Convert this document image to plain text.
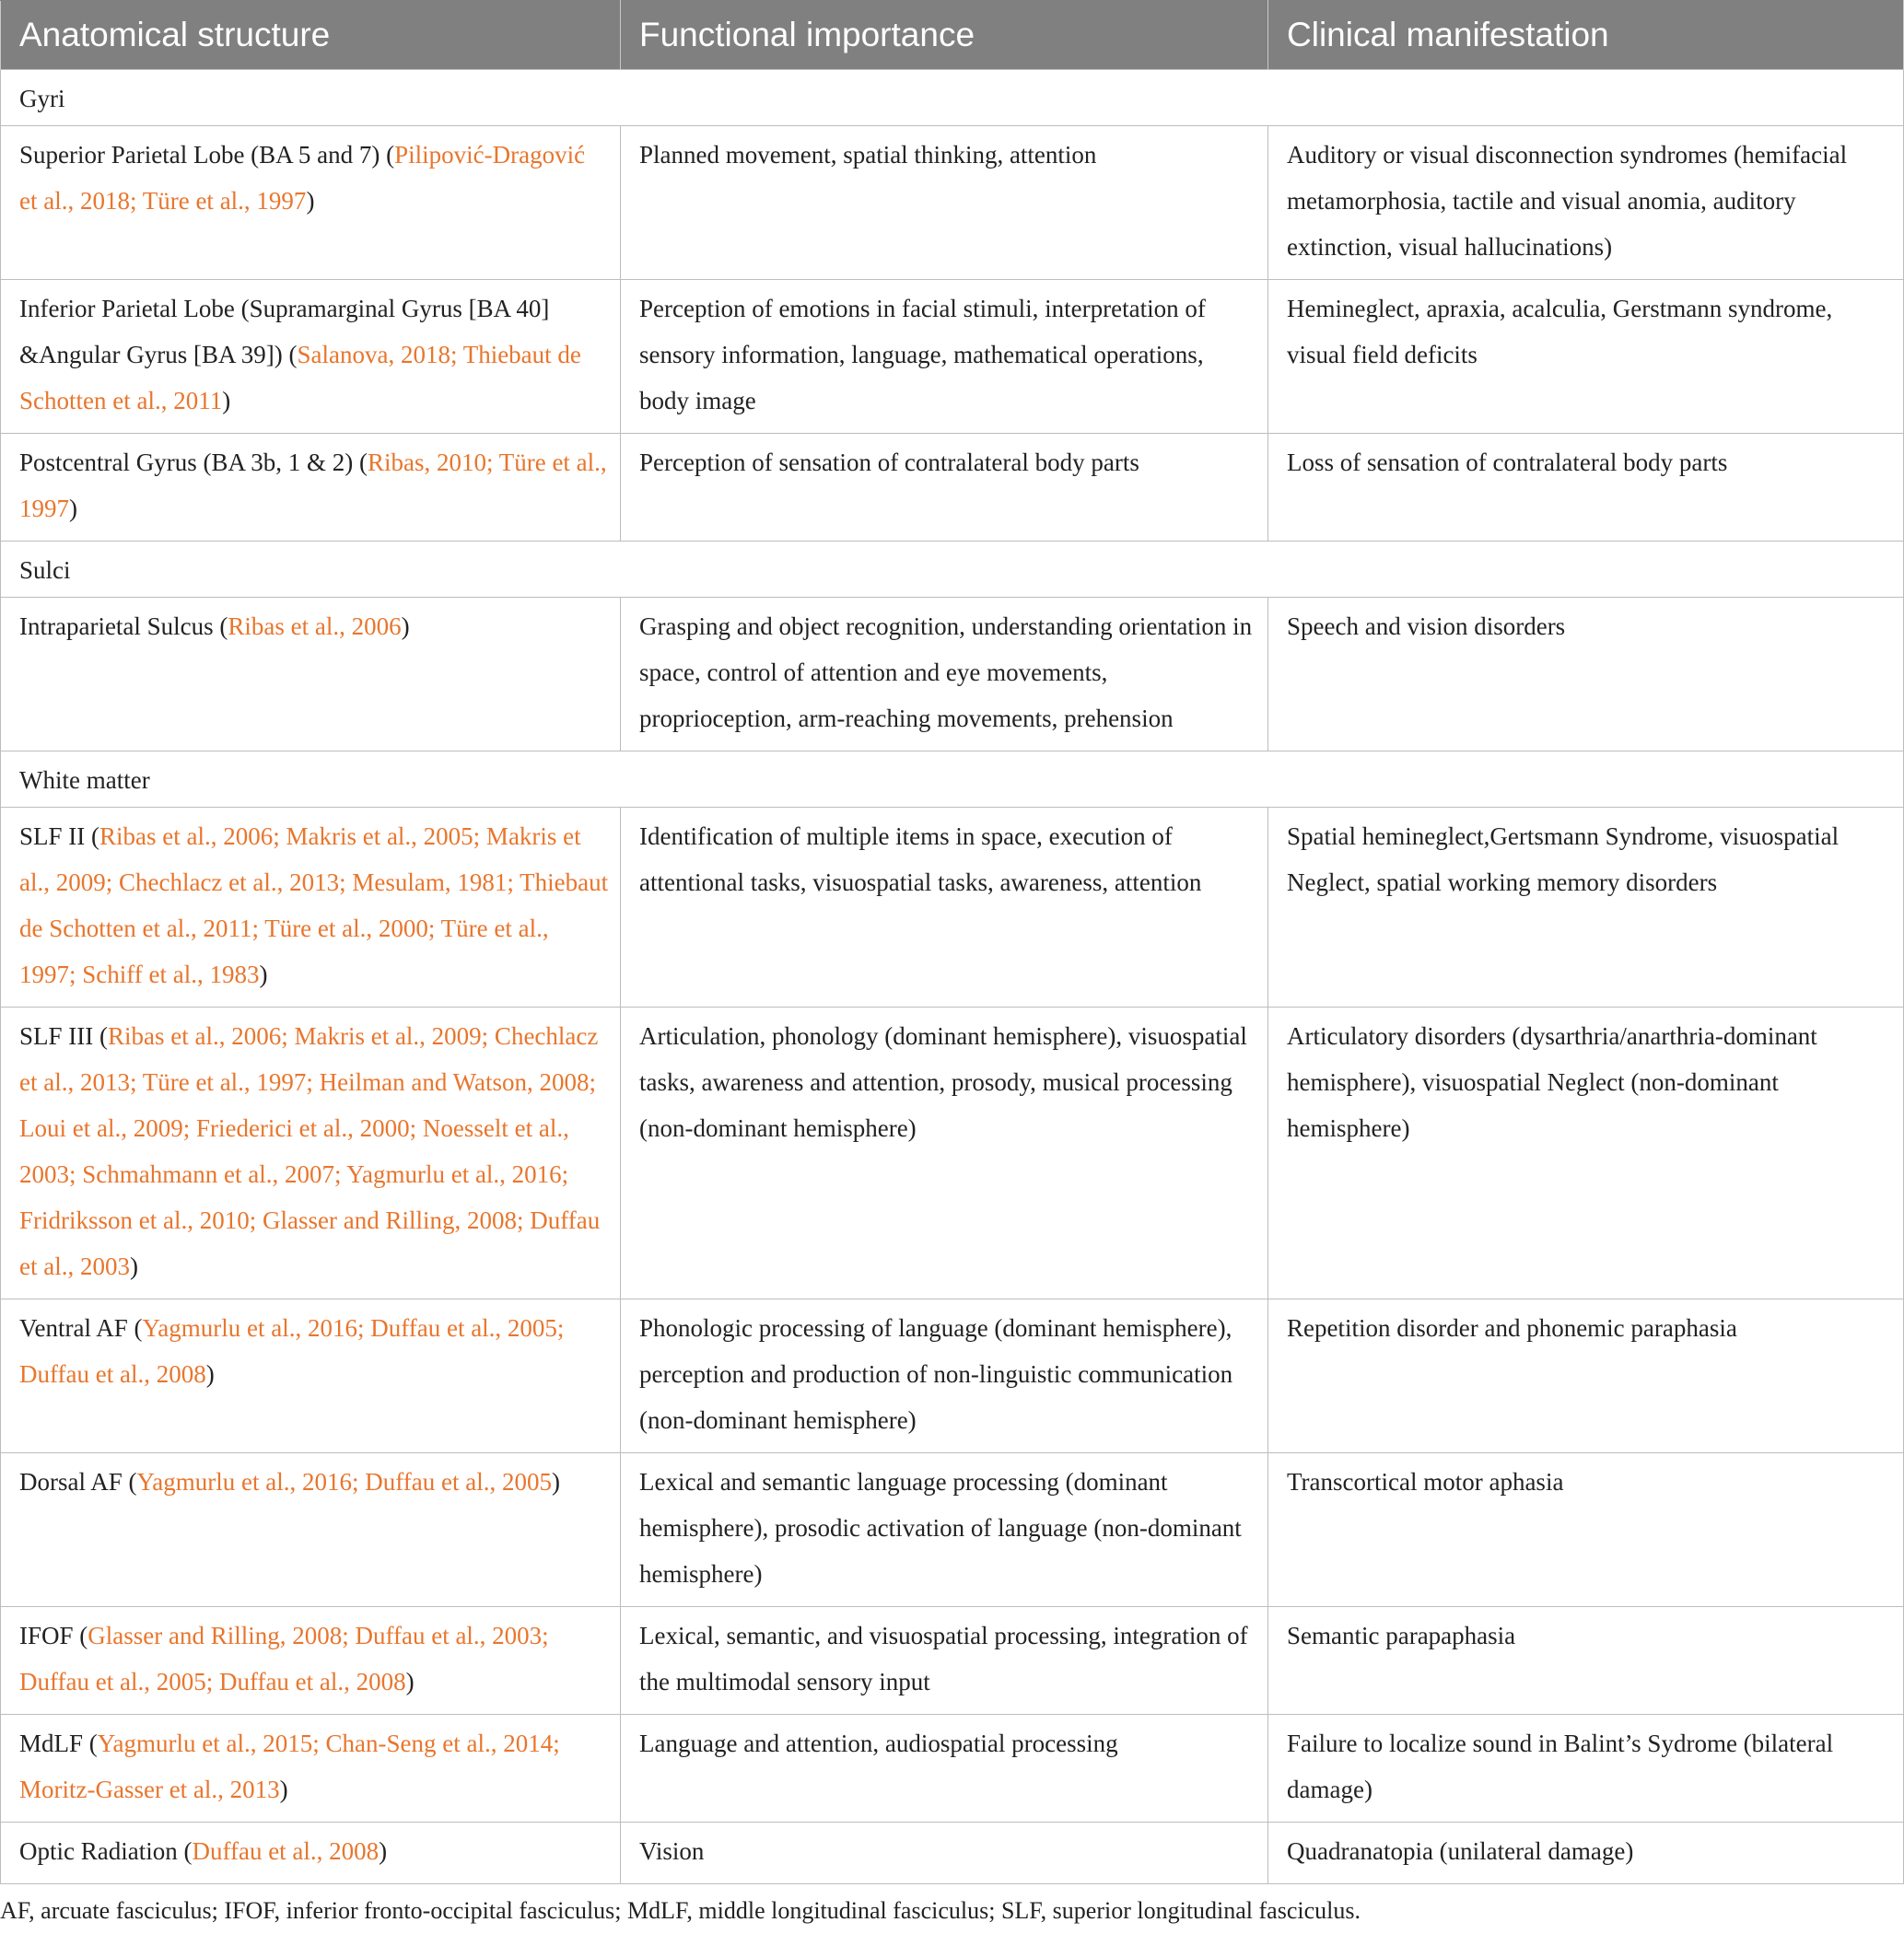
Anatomical structure	Functional importance	Clinical manifestation
Gyri		
Superior Parietal Lobe (BA 5 and 7) (Pilipović-Dragović et al., 2018; Türe et al., 1997)	Planned movement, spatial thinking, attention	Auditory or visual disconnection syndromes (hemifacial metamorphosia, tactile and visual anomia, auditory extinction, visual hallucinations)
Inferior Parietal Lobe (Supramarginal Gyrus [BA 40] &Angular Gyrus [BA 39]) (Salanova, 2018; Thiebaut de Schotten et al., 2011)	Perception of emotions in facial stimuli, interpretation of sensory information, language, mathematical operations, body image	Hemineglect, apraxia, acalculia, Gerstmann syndrome, visual field deficits
Postcentral Gyrus (BA 3b, 1 & 2) (Ribas, 2010; Türe et al., 1997)	Perception of sensation of contralateral body parts	Loss of sensation of contralateral body parts
Sulci		
Intraparietal Sulcus (Ribas et al., 2006)	Grasping and object recognition, understanding orientation in space, control of attention and eye movements, proprioception, arm-reaching movements, prehension	Speech and vision disorders
White matter		
SLF II (Ribas et al., 2006; Makris et al., 2005; Makris et al., 2009; Chechlacz et al., 2013; Mesulam, 1981; Thiebaut de Schotten et al., 2011; Türe et al., 2000; Türe et al., 1997; Schiff et al., 1983)	Identification of multiple items in space, execution of attentional tasks, visuospatial tasks, awareness, attention	Spatial hemineglect,Gertsmann Syndrome, visuospatial Neglect, spatial working memory disorders
SLF III (Ribas et al., 2006; Makris et al., 2009; Chechlacz et al., 2013; Türe et al., 1997; Heilman and Watson, 2008; Loui et al., 2009; Friederici et al., 2000; Noesselt et al., 2003; Schmahmann et al., 2007; Yagmurlu et al., 2016; Fridriksson et al., 2010; Glasser and Rilling, 2008; Duffau et al., 2003)	Articulation, phonology (dominant hemisphere), visuospatial tasks, awareness and attention, prosody, musical processing (non-dominant hemisphere)	Articulatory disorders (dysarthria/anarthria-dominant hemisphere), visuospatial Neglect (non-dominant hemisphere)
Ventral AF (Yagmurlu et al., 2016; Duffau et al., 2005; Duffau et al., 2008)	Phonologic processing of language (dominant hemisphere), perception and production of non-linguistic communication (non-dominant hemisphere)	Repetition disorder and phonemic paraphasia
Dorsal AF (Yagmurlu et al., 2016; Duffau et al., 2005)	Lexical and semantic language processing (dominant hemisphere), prosodic activation of language (non-dominant hemisphere)	Transcortical motor aphasia
IFOF (Glasser and Rilling, 2008; Duffau et al., 2003; Duffau et al., 2005; Duffau et al., 2008)	Lexical, semantic, and visuospatial processing, integration of the multimodal sensory input	Semantic parapaphasia
MdLF (Yagmurlu et al., 2015; Chan-Seng et al., 2014; Moritz-Gasser et al., 2013)	Language and attention, audiospatial processing	Failure to localize sound in Balint’s Sydrome (bilateral damage)
Optic Radiation (Duffau et al., 2008)	Vision	Quadranatopia (unilateral damage)
AF, arcuate fasciculus; IFOF, inferior fronto-occipital fasciculus; MdLF, middle longitudinal fasciculus; SLF, superior longitudinal fasciculus.
